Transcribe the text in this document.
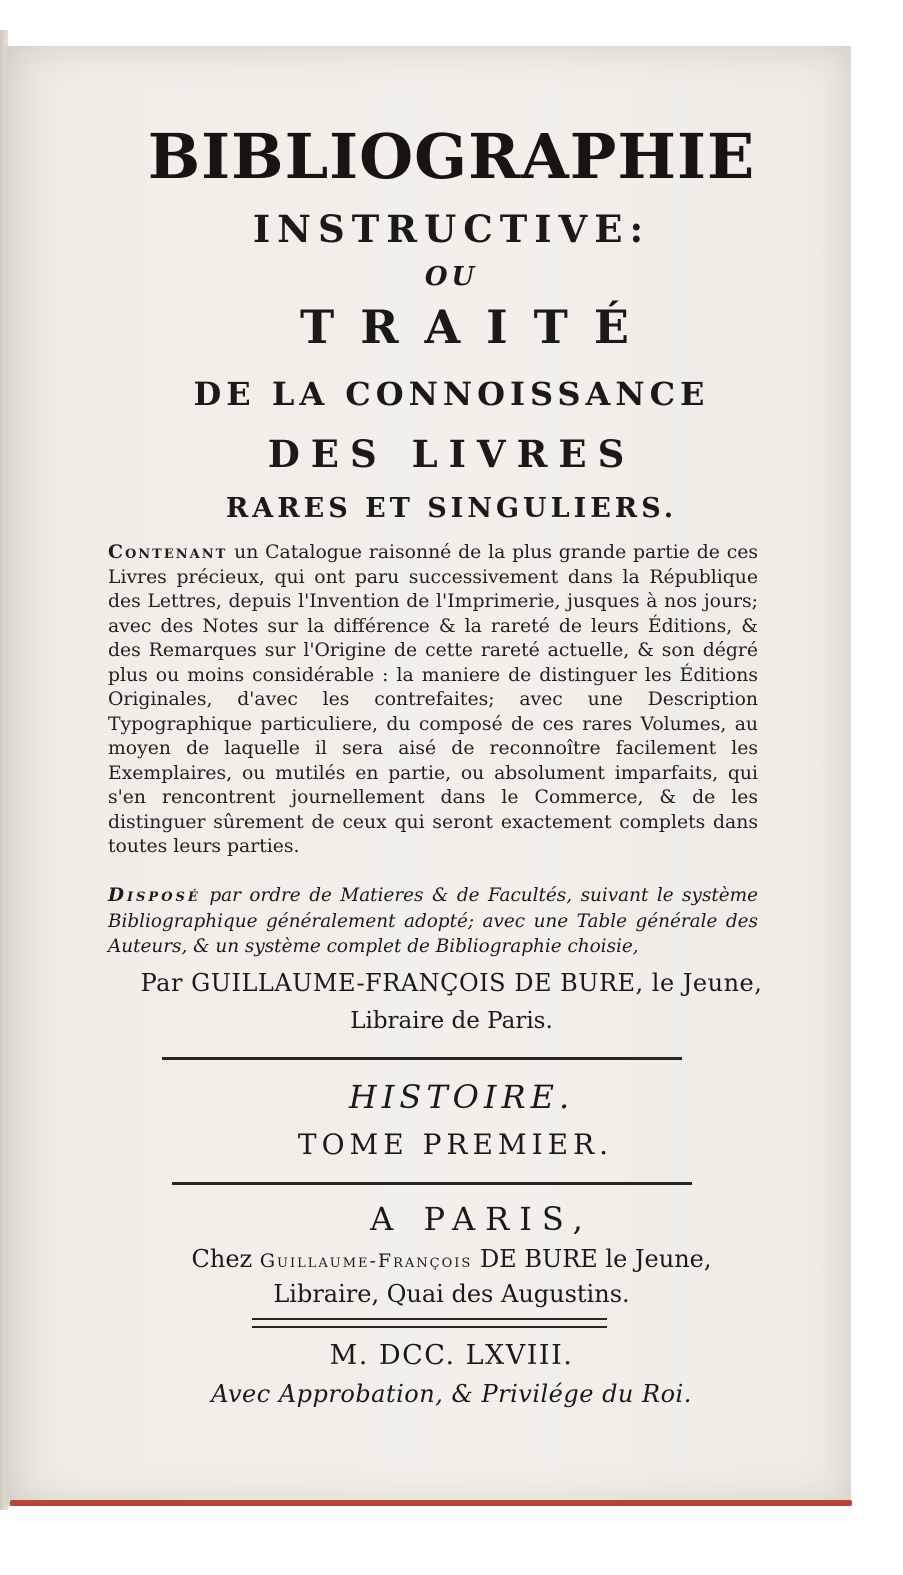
BIBLIOGRAPHIE
INSTRUCTIVE:
OU
TRAITÉ
DE LA CONNOISSANCE
DES LIVRES
RARES ET SINGULIERS.
Contenant un Catalogue raisonné de la plus grande partie de ces Livres précieux, qui ont paru successivement dans la République des Lettres, depuis l'Invention de l'Imprimerie, jusques à nos jours; avec des Notes sur la différence & la rareté de leurs Éditions, & des Remarques sur l'Origine de cette rareté actuelle, & son dégré plus ou moins considérable : la maniere de distinguer les Éditions Originales, d'avec les contrefaites; avec une Description Typographique particuliere, du composé de ces rares Volumes, au moyen de laquelle il sera aisé de reconnoître facilement les Exemplaires, ou mutilés en partie, ou absolument imparfaits, qui s'en rencontrent journellement dans le Commerce, & de les distinguer sûrement de ceux qui seront exactement complets dans toutes leurs parties.
Disposé par ordre de Matieres & de Facultés, suivant le système Bibliographique généralement adopté; avec une Table générale des Auteurs, & un système complet de Bibliographie choisie,
Par GUILLAUME-FRANÇOIS DE BURE, le Jeune,
Libraire de Paris.
HISTOIRE.
TOME PREMIER.
A PARIS,
Chez Guillaume-François DE BURE le Jeune,
Libraire, Quai des Augustins.
M. DCC. LXVIII.
Avec Approbation, & Privilége du Roi.
